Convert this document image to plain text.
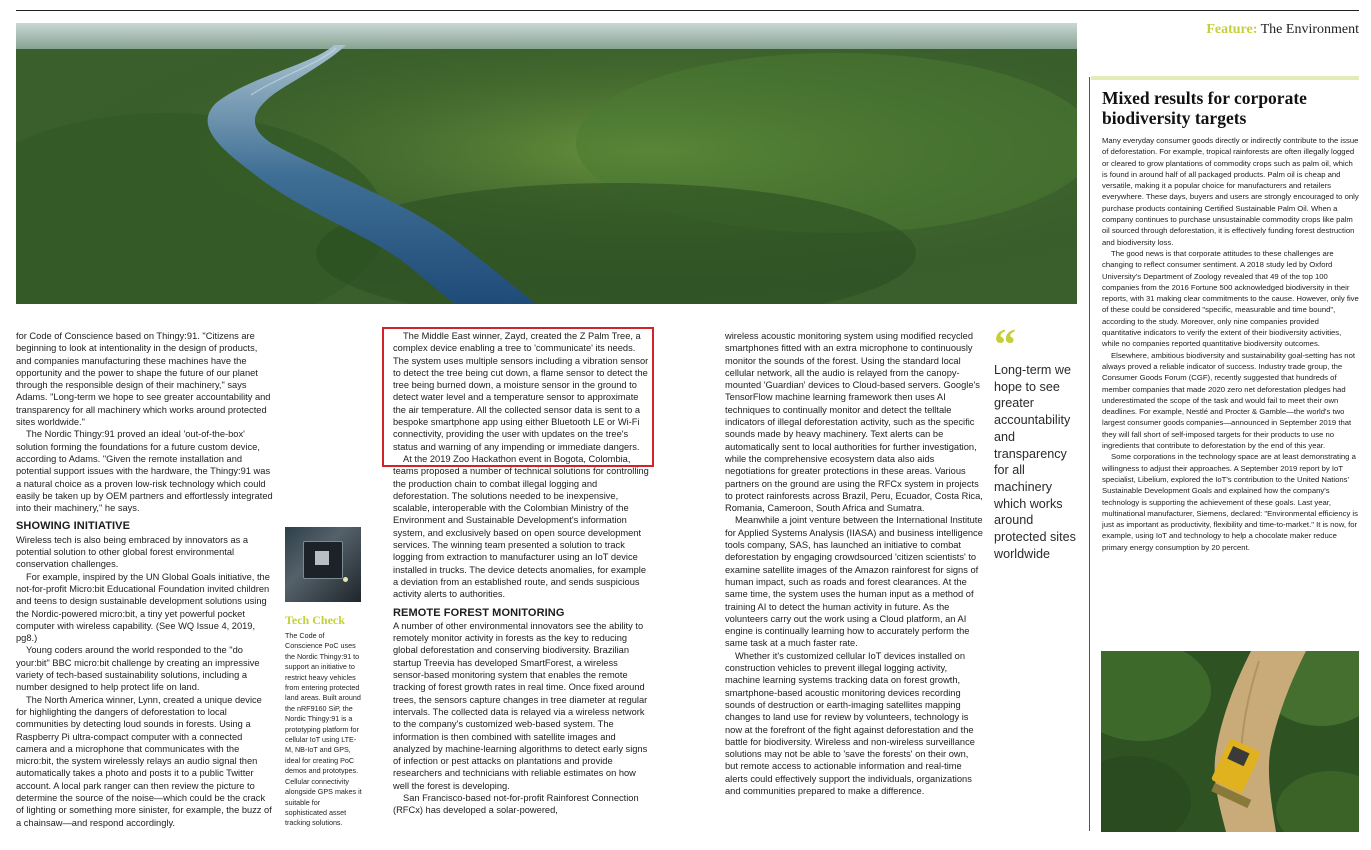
Feature: The Environment

for Code of Conscience based on Thingy:91. "Citizens are beginning to look at intentionality in the design of products, and companies manufacturing these machines have the opportunity and the power to shape the future of our planet through the responsible design of their machinery," says Adams. "Long-term we hope to see greater accountability and transparency for all machinery which works around protected sites worldwide."

The Nordic Thingy:91 proved an ideal 'out-of-the-box' solution forming the foundations for a future custom device, according to Adams. "Given the remote installation and potential support issues with the hardware, the Thingy:91 was a natural choice as a proven low-risk technology which could easily be taken up by OEM partners and effortlessly integrated into their machinery," he says.

SHOWING INITIATIVE

Wireless tech is also being embraced by innovators as a potential solution to other global forest environmental conservation challenges.

For example, inspired by the UN Global Goals initiative, the not-for-profit Micro:bit Educational Foundation invited children and teens to design sustainable development solutions using the Nordic-powered micro:bit, a tiny yet powerful pocket computer with wireless capability. (See WQ Issue 4, 2019, pg8.)

Young coders around the world responded to the "do your:bit" BBC micro:bit challenge by creating an impressive variety of tech-based sustainability solutions, including a number designed to help protect life on land.

The North America winner, Lynn, created a unique device for highlighting the dangers of deforestation to local communities by detecting loud sounds in forests. Using a Raspberry Pi ultra-compact computer with a connected camera and a microphone that communicates with the micro:bit, the system wirelessly relays an audio signal then automatically takes a photo and posts it to a public Twitter account. A local park ranger can then review the picture to determine the source of the noise—which could be the crack of lighting or something more sinister, for example, the buzz of a chainsaw—and respond accordingly.

Tech Check
The Code of Conscience PoC uses the Nordic Thingy:91 to support an initiative to restrict heavy vehicles from entering protected land areas. Built around the nRF9160 SiP, the Nordic Thingy:91 is a prototyping platform for cellular IoT using LTE-M, NB-IoT and GPS, ideal for creating PoC demos and prototypes. Cellular connectivity alongside GPS makes it suitable for sophisticated asset tracking solutions.

The Middle East winner, Zayd, created the Z Palm Tree, a complex device enabling a tree to 'communicate' its needs. The system uses multiple sensors including a vibration sensor to detect the tree being cut down, a flame sensor to detect the tree being burned down, a moisture sensor in the ground to detect water level and a temperature sensor to approximate the air temperature. All the collected sensor data is sent to a bespoke smartphone app using either Bluetooth LE or Wi-Fi connectivity, providing the user with updates on the tree's status and warning of any impending or immediate dangers.

At the 2019 Zoo Hackathon event in Bogota, Colombia, teams proposed a number of technical solutions for controlling the production chain to combat illegal logging and deforestation. The solutions needed to be inexpensive, scalable, interoperable with the Colombian Ministry of the Environment and Sustainable Development's information system, and exclusively based on open source development services. The winning team presented a solution to track logging from extraction to manufacturer using an IoT device installed in trucks. The device detects anomalies, for example a deviation from an established route, and sends suspicious activity alerts to authorities.

REMOTE FOREST MONITORING

A number of other environmental innovators see the ability to remotely monitor activity in forests as the key to reducing global deforestation and conserving biodiversity. Brazilian startup Treevia has developed SmartForest, a wireless sensor-based monitoring system that enables the remote tracking of forest growth rates in real time. Once fixed around trees, the sensors capture changes in tree diameter at regular intervals. The collected data is relayed via a wireless network to the company's customized web-based system. The information is then combined with satellite images and analyzed by machine-learning algorithms to detect early signs of infection or pest attacks on plantations and provide researchers and technicians with reliable estimates on how well the forest is developing.

San Francisco-based not-for-profit Rainforest Connection (RFCx) has developed a solar-powered,

wireless acoustic monitoring system using modified recycled smartphones fitted with an extra microphone to continuously monitor the sounds of the forest. Using the standard local cellular network, all the audio is relayed from the canopy-mounted 'Guardian' devices to Cloud-based servers. Google's TensorFlow machine learning framework then uses AI techniques to continually monitor and detect the telltale indicators of illegal deforestation activity, such as the specific sounds made by heavy machinery. Text alerts can be automatically sent to local authorities for further investigation, while the comprehensive ecosystem data also aids negotiations for greater protections in these areas. Various partners on the ground are using the RFCx system in projects to protect rainforests across Brazil, Peru, Ecuador, Costa Rica, Romania, Cameroon, South Africa and Sumatra.

Meanwhile a joint venture between the International Institute for Applied Systems Analysis (IIASA) and business intelligence tools company, SAS, has launched an initiative to combat deforestation by engaging crowdsourced 'citizen scientists' to examine satellite images of the Amazon rainforest for signs of human impact, such as roads and forest clearances. At the same time, the system uses the human input as a method of training AI to detect the human activity in future. As the volunteers carry out the work using a Cloud platform, an AI engine is continually learning how to accurately perform the same task at a much faster rate.

Whether it's customized cellular IoT devices installed on construction vehicles to prevent illegal logging activity, machine learning systems tracking data on forest growth, smartphone-based acoustic monitoring devices recording sounds of destruction or earth-imaging satellites mapping changes to land use for review by volunteers, technology is now at the forefront of the fight against deforestation and the battle for biodiversity. Wireless and non-wireless surveillance solutions may not be able to 'save the forests' on their own, but remote access to actionable information and real-time alerts could effectively support the individuals, organizations and communities prepared to make a difference.

“
Long-term we hope to see greater accountability and transparency for all machinery which works around protected sites worldwide
Mixed results for corporate biodiversity targets

Many everyday consumer goods directly or indirectly contribute to the issue of deforestation. For example, tropical rainforests are often illegally logged or cleared to grow plantations of commodity crops such as palm oil, which is found in around half of all packaged products. Palm oil is cheap and versatile, making it a popular choice for manufacturers and retailers everywhere. These days, buyers and users are strongly encouraged to only purchase products containing Certified Sustainable Palm Oil. When a company continues to purchase unsustainable commodity crops like palm oil sourced through deforestation, it is effectively funding forest destruction and biodiversity loss.

The good news is that corporate attitudes to these challenges are changing to reflect consumer sentiment. A 2018 study led by Oxford University's Department of Zoology revealed that 49 of the top 100 companies from the 2016 Fortune 500 acknowledged biodiversity in their reports, with 31 making clear commitments to the cause. However, only five of these could be considered "specific, measurable and time bound", according to the study. Moreover, only nine companies provided quantitative indicators to verify the extent of their biodiversity activities, while no companies reported quantitative biodiversity outcomes.

Elsewhere, ambitious biodiversity and sustainability goal-setting has not always proved a reliable indicator of success. Industry trade group, the Consumer Goods Forum (CGF), recently suggested that hundreds of member companies that made 2020 zero net deforestation pledges had underestimated the scope of the task and would fail to meet their own deadlines. For example, Nestlé and Procter & Gamble—the world's two largest consumer goods companies—announced in September 2019 that they will fall short of self-imposed targets for their products to use no ingredients that contribute to deforestation by the end of this year.

Some corporations in the technology space are at least demonstrating a willingness to adjust their approaches. A September 2019 report by IoT specialist, Libelium, explored the IoT's contribution to the United Nations' Sustainable Development Goals and explained how the company's technology is supporting the achievement of these goals. Last year, multinational manufacturer, Siemens, declared: "Environmental efficiency is just as important as productivity, flexibility and time-to-market." It is now, for example, using IoT and technology to help a chocolate maker reduce primary energy consumption by 20 percent.
